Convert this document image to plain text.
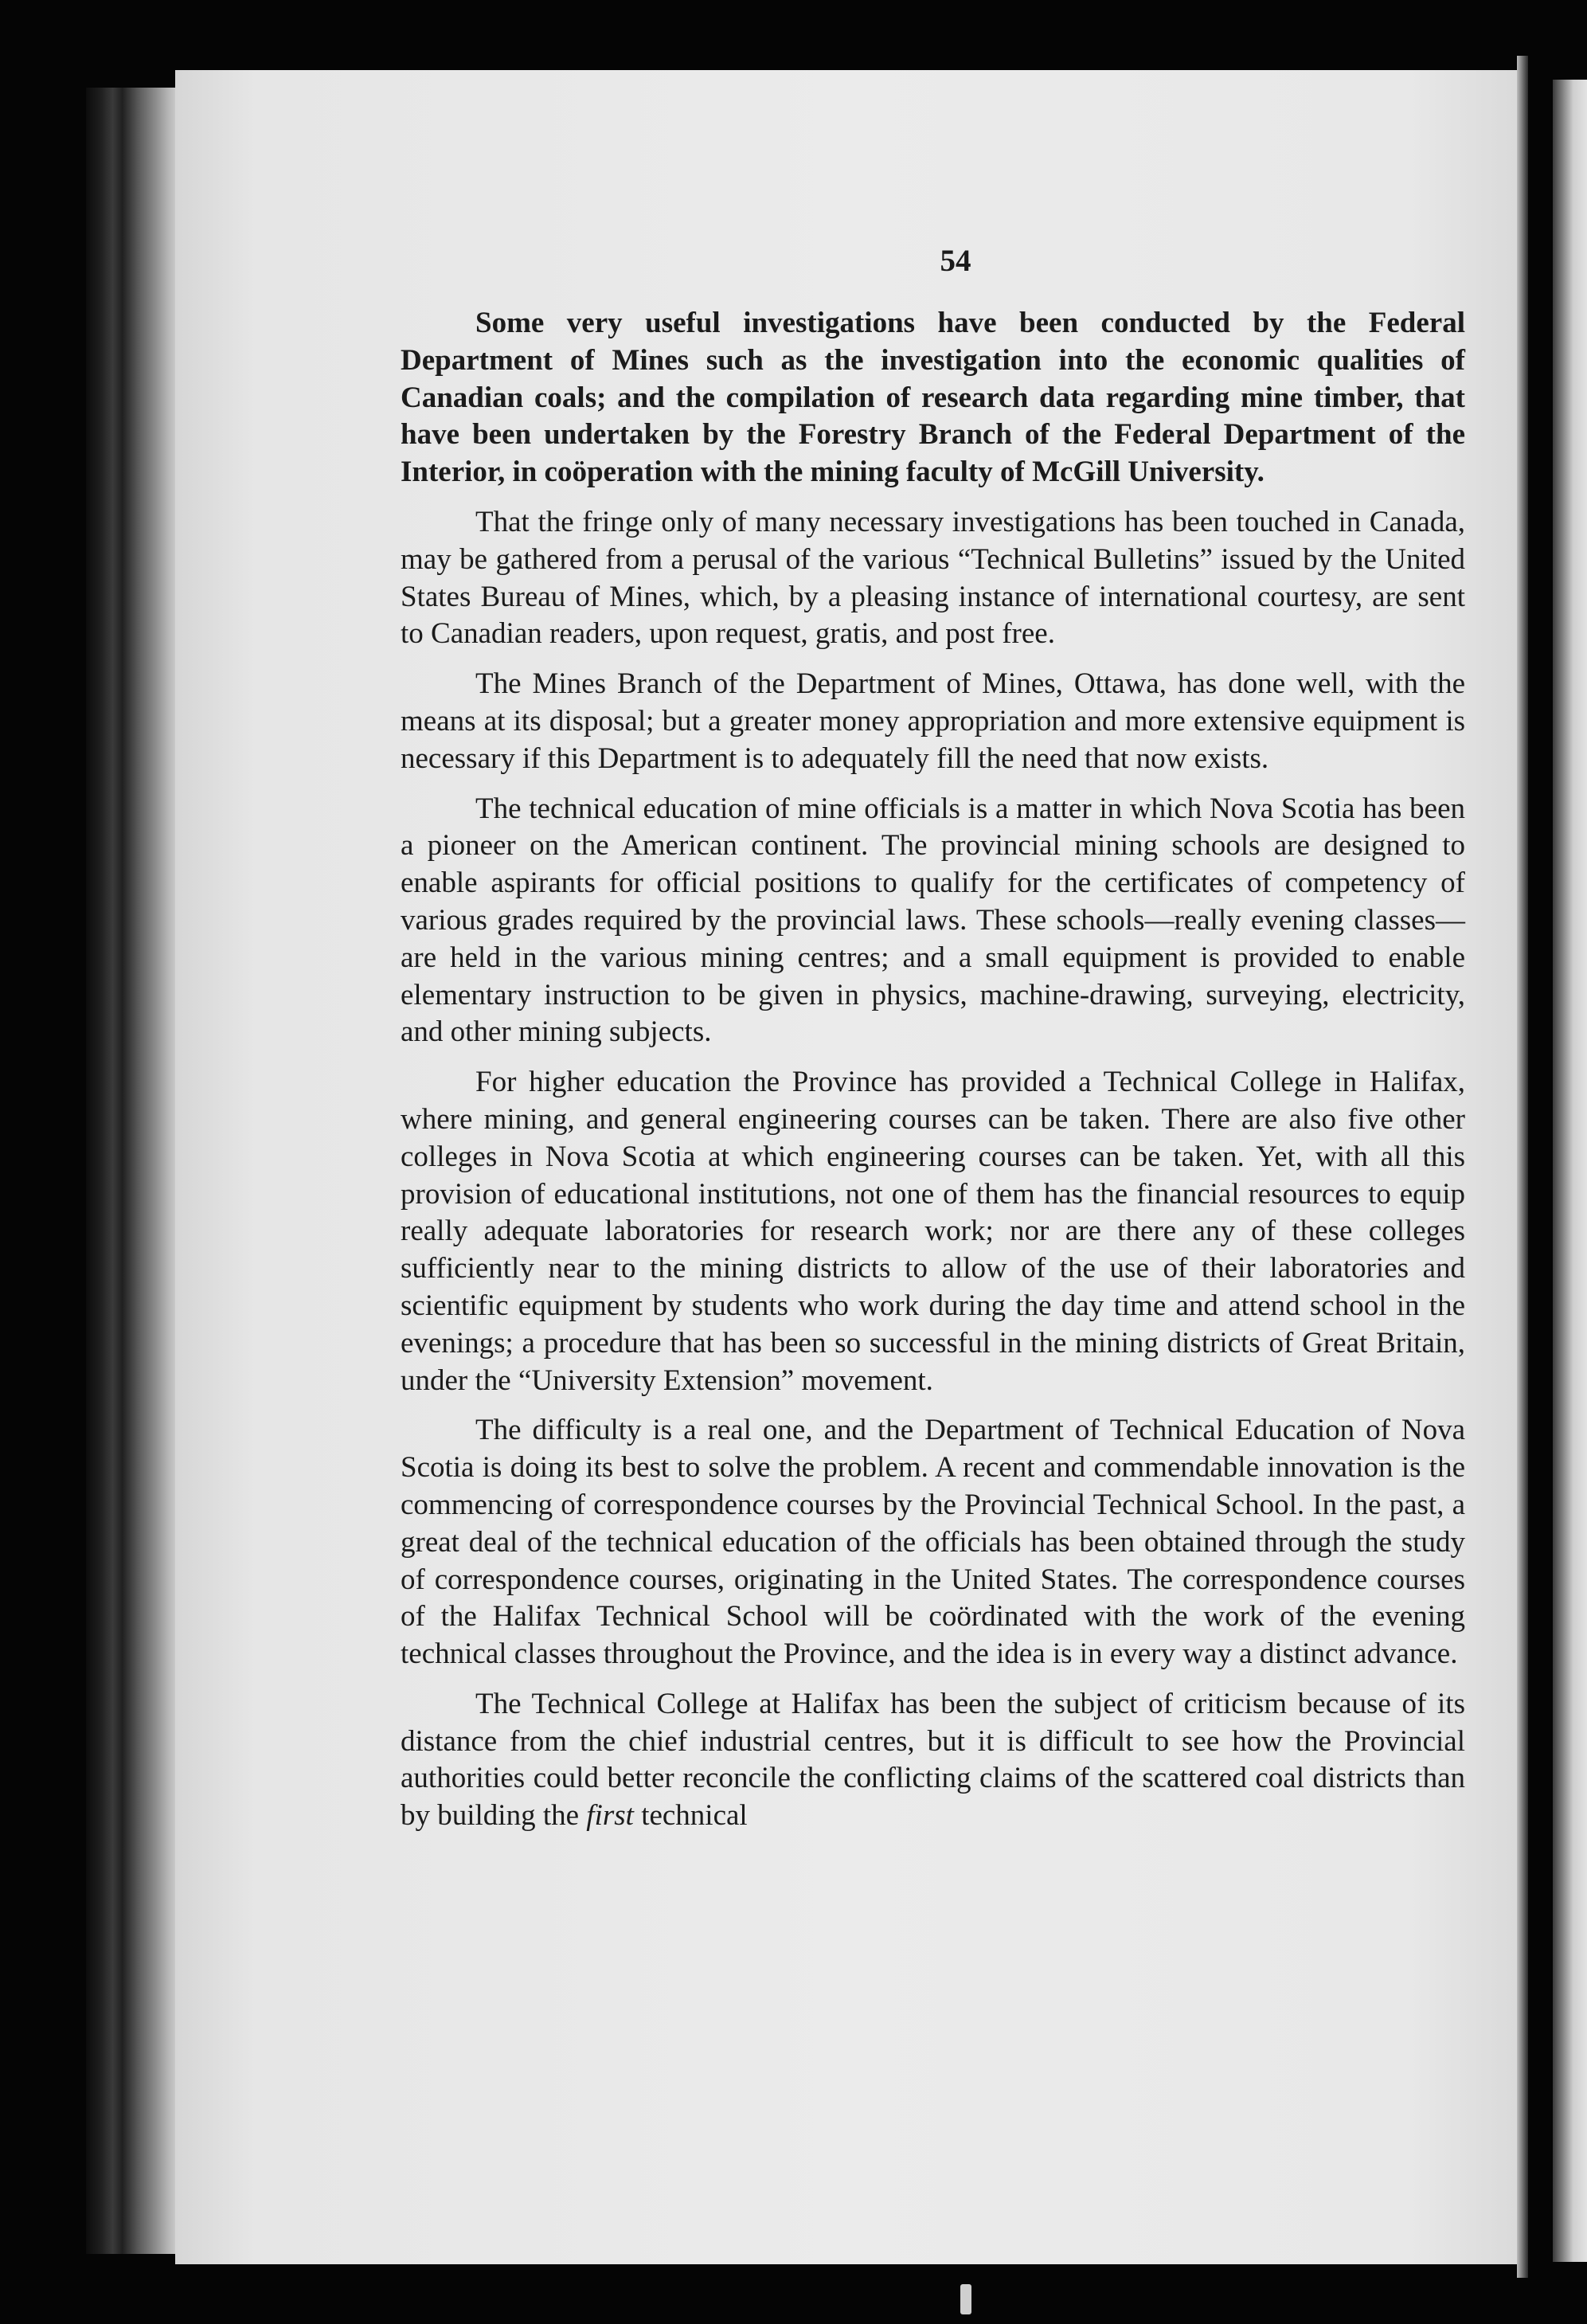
54

Some very useful investigations have been conducted by the Federal Department of Mines such as the investigation into the economic qualities of Canadian coals; and the compilation of research data regarding mine timber, that have been undertaken by the Forestry Branch of the Federal Department of the Interior, in coöperation with the mining faculty of McGill University.

That the fringe only of many necessary investigations has been touched in Canada, may be gathered from a perusal of the various “Technical Bulletins” issued by the United States Bureau of Mines, which, by a pleasing instance of international courtesy, are sent to Canadian readers, upon request, gratis, and post free.

The Mines Branch of the Department of Mines, Ottawa, has done well, with the means at its disposal; but a greater money appropriation and more extensive equipment is necessary if this Department is to adequately fill the need that now exists.

The technical education of mine officials is a matter in which Nova Scotia has been a pioneer on the American continent. The provincial mining schools are designed to enable aspirants for official positions to qualify for the certificates of competency of various grades required by the provincial laws. These schools—really evening classes—are held in the various mining centres; and a small equipment is provided to enable elementary instruction to be given in physics, machine-drawing, surveying, electricity, and other mining subjects.

For higher education the Province has provided a Technical College in Halifax, where mining, and general engineering courses can be taken. There are also five other colleges in Nova Scotia at which engineering courses can be taken. Yet, with all this provision of educational institutions, not one of them has the financial resources to equip really adequate laboratories for research work; nor are there any of these colleges sufficiently near to the mining districts to allow of the use of their laboratories and scientific equipment by students who work during the day time and attend school in the evenings; a procedure that has been so successful in the mining districts of Great Britain, under the “University Extension” movement.

The difficulty is a real one, and the Department of Technical Education of Nova Scotia is doing its best to solve the problem. A recent and commendable innovation is the commencing of correspondence courses by the Provincial Technical School. In the past, a great deal of the technical education of the officials has been obtained through the study of correspondence courses, originating in the United States. The correspondence courses of the Halifax Technical School will be coördinated with the work of the evening technical classes throughout the Province, and the idea is in every way a distinct advance.

The Technical College at Halifax has been the subject of criticism because of its distance from the chief industrial centres, but it is difficult to see how the Provincial authorities could better reconcile the conflicting claims of the scattered coal districts than by building the first technical
